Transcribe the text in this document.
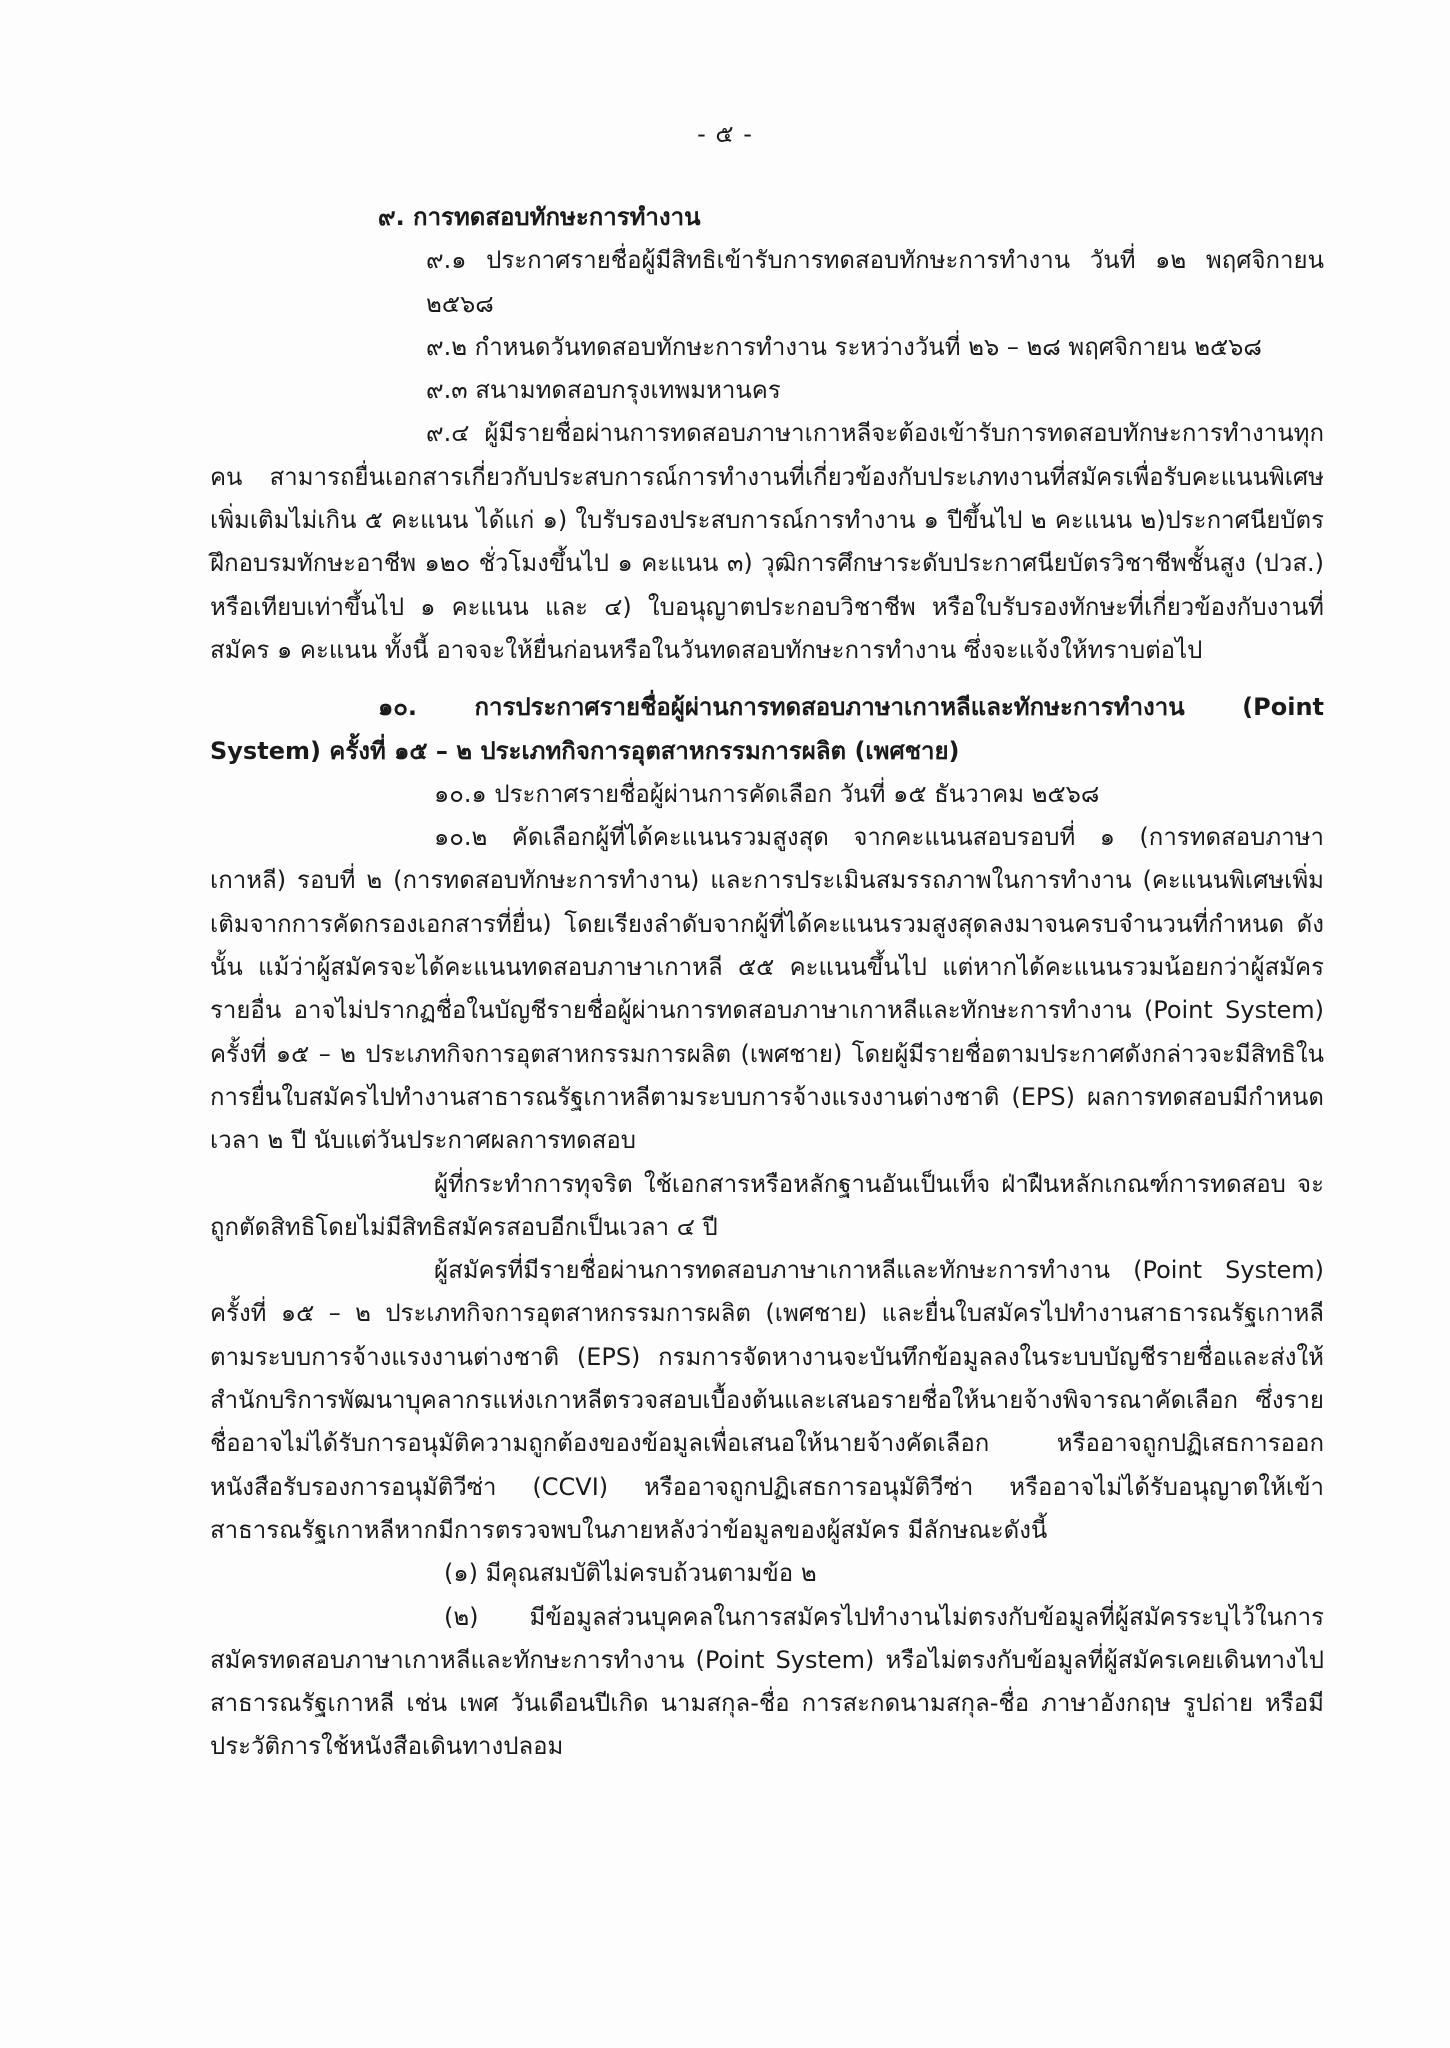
- ๕ -

๙. การทดสอบทักษะการทำงาน

๙.๑ ประกาศรายชื่อผู้มีสิทธิเข้ารับการทดสอบทักษะการทำงาน วันที่ ๑๒ พฤศจิกายน ๒๕๖๘

๙.๒ กำหนดวันทดสอบทักษะการทำงาน ระหว่างวันที่ ๒๖ – ๒๘ พฤศจิกายน ๒๕๖๘

๙.๓ สนามทดสอบกรุงเทพมหานคร

๙.๔ ผู้มีรายชื่อผ่านการทดสอบภาษาเกาหลีจะต้องเข้ารับการทดสอบทักษะการทำงานทุกคน สามารถยื่นเอกสารเกี่ยวกับประสบการณ์การทำงานที่เกี่ยวข้องกับประเภทงานที่สมัครเพื่อรับคะแนนพิเศษเพิ่มเติมไม่เกิน ๕ คะแนน ได้แก่ ๑) ใบรับรองประสบการณ์การทำงาน ๑ ปีขึ้นไป ๒ คะแนน ๒)ประกาศนียบัตรฝึกอบรมทักษะอาชีพ ๑๒๐ ชั่วโมงขึ้นไป ๑ คะแนน ๓) วุฒิการศึกษาระดับประกาศนียบัตรวิชาชีพชั้นสูง (ปวส.) หรือเทียบเท่าขึ้นไป ๑ คะแนน และ ๔) ใบอนุญาตประกอบวิชาชีพ หรือใบรับรองทักษะที่เกี่ยวข้องกับงานที่สมัคร ๑ คะแนน ทั้งนี้ อาจจะให้ยื่นก่อนหรือในวันทดสอบทักษะการทำงาน ซึ่งจะแจ้งให้ทราบต่อไป

๑๐. การประกาศรายชื่อผู้ผ่านการทดสอบภาษาเกาหลีและทักษะการทำงาน (Point System) ครั้งที่ ๑๕ – ๒ ประเภทกิจการอุตสาหกรรมการผลิต (เพศชาย)

๑๐.๑ ประกาศรายชื่อผู้ผ่านการคัดเลือก วันที่ ๑๕ ธันวาคม ๒๕๖๘

๑๐.๒ คัดเลือกผู้ที่ได้คะแนนรวมสูงสุด จากคะแนนสอบรอบที่ ๑ (การทดสอบภาษาเกาหลี) รอบที่ ๒ (การทดสอบทักษะการทำงาน) และการประเมินสมรรถภาพในการทำงาน (คะแนนพิเศษเพิ่มเติมจากการคัดกรองเอกสารที่ยื่น) โดยเรียงลำดับจากผู้ที่ได้คะแนนรวมสูงสุดลงมาจนครบจำนวนที่กำหนด ดังนั้น แม้ว่าผู้สมัครจะได้คะแนนทดสอบภาษาเกาหลี ๕๕ คะแนนขึ้นไป แต่หากได้คะแนนรวมน้อยกว่าผู้สมัครรายอื่น อาจไม่ปรากฏชื่อในบัญชีรายชื่อผู้ผ่านการทดสอบภาษาเกาหลีและทักษะการทำงาน (Point System) ครั้งที่ ๑๕ – ๒ ประเภทกิจการอุตสาหกรรมการผลิต (เพศชาย) โดยผู้มีรายชื่อตามประกาศดังกล่าวจะมีสิทธิในการยื่นใบสมัครไปทำงานสาธารณรัฐเกาหลีตามระบบการจ้างแรงงานต่างชาติ (EPS) ผลการทดสอบมีกำหนดเวลา ๒ ปี นับแต่วันประกาศผลการทดสอบ

ผู้ที่กระทำการทุจริต ใช้เอกสารหรือหลักฐานอันเป็นเท็จ ฝ่าฝืนหลักเกณฑ์การทดสอบ จะถูกตัดสิทธิโดยไม่มีสิทธิสมัครสอบอีกเป็นเวลา ๔ ปี

ผู้สมัครที่มีรายชื่อผ่านการทดสอบภาษาเกาหลีและทักษะการทำงาน (Point System) ครั้งที่ ๑๕ – ๒ ประเภทกิจการอุตสาหกรรมการผลิต (เพศชาย) และยื่นใบสมัครไปทำงานสาธารณรัฐเกาหลีตามระบบการจ้างแรงงานต่างชาติ (EPS) กรมการจัดหางานจะบันทึกข้อมูลลงในระบบบัญชีรายชื่อและส่งให้สำนักบริการพัฒนาบุคลากรแห่งเกาหลีตรวจสอบเบื้องต้นและเสนอรายชื่อให้นายจ้างพิจารณาคัดเลือก ซึ่งรายชื่ออาจไม่ได้รับการอนุมัติความถูกต้องของข้อมูลเพื่อเสนอให้นายจ้างคัดเลือก หรืออาจถูกปฏิเสธการออกหนังสือรับรองการอนุมัติวีซ่า (CCVI) หรืออาจถูกปฏิเสธการอนุมัติวีซ่า หรืออาจไม่ได้รับอนุญาตให้เข้าสาธารณรัฐเกาหลีหากมีการตรวจพบในภายหลังว่าข้อมูลของผู้สมัคร มีลักษณะดังนี้

(๑) มีคุณสมบัติไม่ครบถ้วนตามข้อ ๒

(๒) มีข้อมูลส่วนบุคคลในการสมัครไปทำงานไม่ตรงกับข้อมูลที่ผู้สมัครระบุไว้ในการสมัครทดสอบภาษาเกาหลีและทักษะการทำงาน (Point System) หรือไม่ตรงกับข้อมูลที่ผู้สมัครเคยเดินทางไปสาธารณรัฐเกาหลี เช่น เพศ วันเดือนปีเกิด นามสกุล-ชื่อ การสะกดนามสกุล-ชื่อ ภาษาอังกฤษ รูปถ่าย หรือมีประวัติการใช้หนังสือเดินทางปลอม
